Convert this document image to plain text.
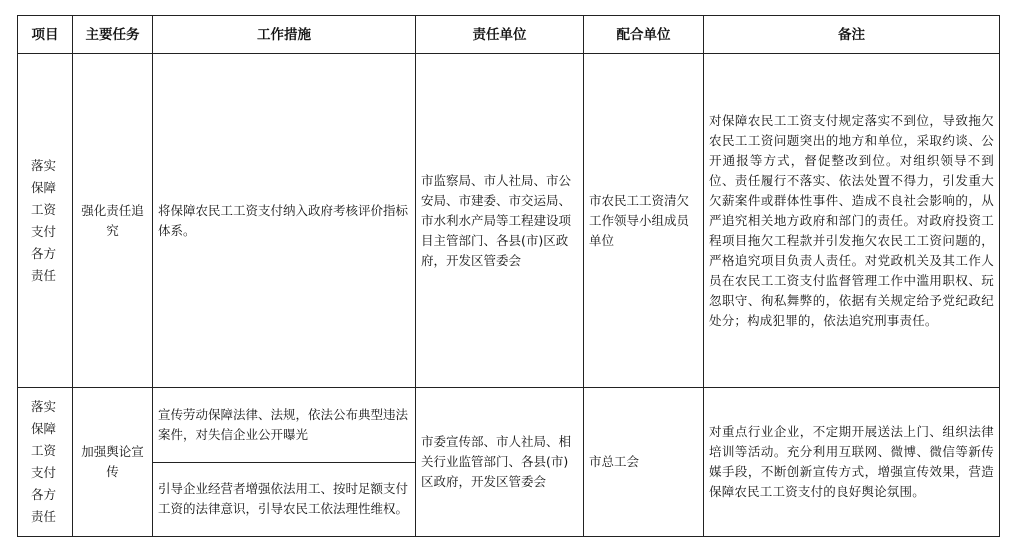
项目	主要任务	工作措施	责任单位	配合单位	备注

落实保障工资支付各方责任	强化责任追究	将保障农民工工资支付纳入政府考核评价指标体系。	市监察局、市人社局、市公安局、市建委、市交运局、市水利水产局等工程建设项目主管部门、各县(市)区政府，开发区管委会	市农民工工资清欠工作领导小组成员单位	对保障农民工工资支付规定落实不到位，导致拖欠农民工工资问题突出的地方和单位，采取约谈、公开通报等方式，督促整改到位。对组织领导不到位、责任履行不落实、依法处置不得力，引发重大欠薪案件或群体性事件、造成不良社会影响的，从严追究相关地方政府和部门的责任。对政府投资工程项目拖欠工程款并引发拖欠农民工工资问题的，严格追究项目负责人责任。对党政机关及其工作人员在农民工工资支付监督管理工作中滥用职权、玩忽职守、徇私舞弊的，依据有关规定给予党纪政纪处分；构成犯罪的，依法追究刑事责任。

落实保障工资支付各方责任	加强舆论宣传	宣传劳动保障法律、法规，依法公布典型违法案件，对失信企业公开曝光	市委宣传部、市人社局、相关行业监管部门、各县(市)区政府，开发区管委会	市总工会	对重点行业企业，不定期开展送法上门、组织法律培训等活动。充分利用互联网、微博、微信等新传媒手段，不断创新宣传方式，增强宣传效果，营造保障农民工工资支付的良好舆论氛围。
		引导企业经营者增强依法用工、按时足额支付工资的法律意识，引导农民工依法理性维权。			
